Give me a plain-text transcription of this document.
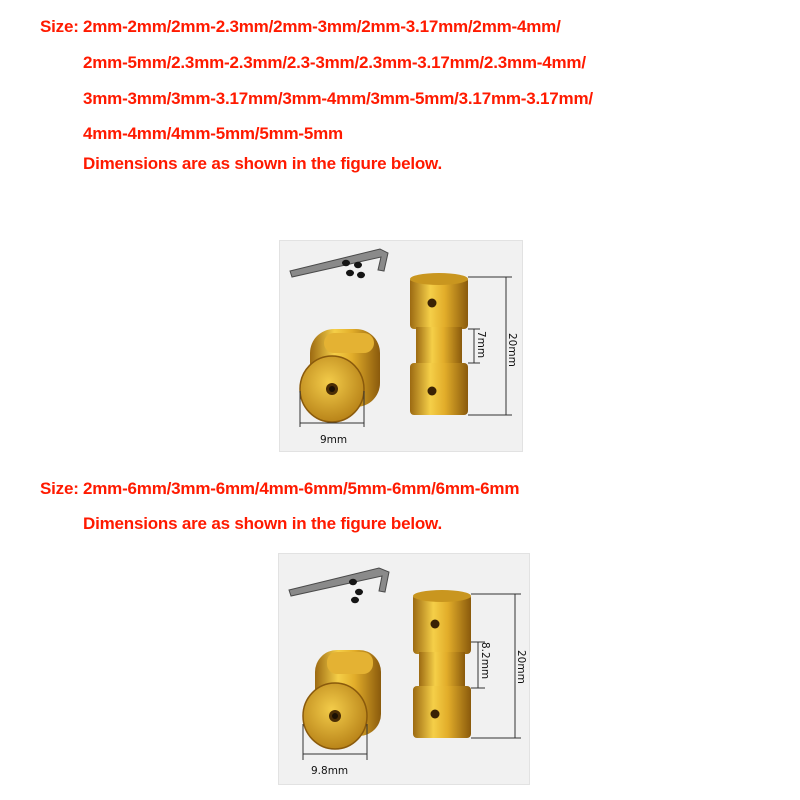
Size: 2mm-2mm/2mm-2.3mm/2mm-3mm/2mm-3.17mm/2mm-4mm/
2mm-5mm/2.3mm-2.3mm/2.3-3mm/2.3mm-3.17mm/2.3mm-4mm/
3mm-3mm/3mm-3.17mm/3mm-4mm/3mm-5mm/3.17mm-3.17mm/
4mm-4mm/4mm-5mm/5mm-5mm
Dimensions are as shown in the figure below.
9mm
7mm 20mm
Size: 2mm-6mm/3mm-6mm/4mm-6mm/5mm-6mm/6mm-6mm
Dimensions are as shown in the figure below.
9.8mm
8.2mm 20mm
